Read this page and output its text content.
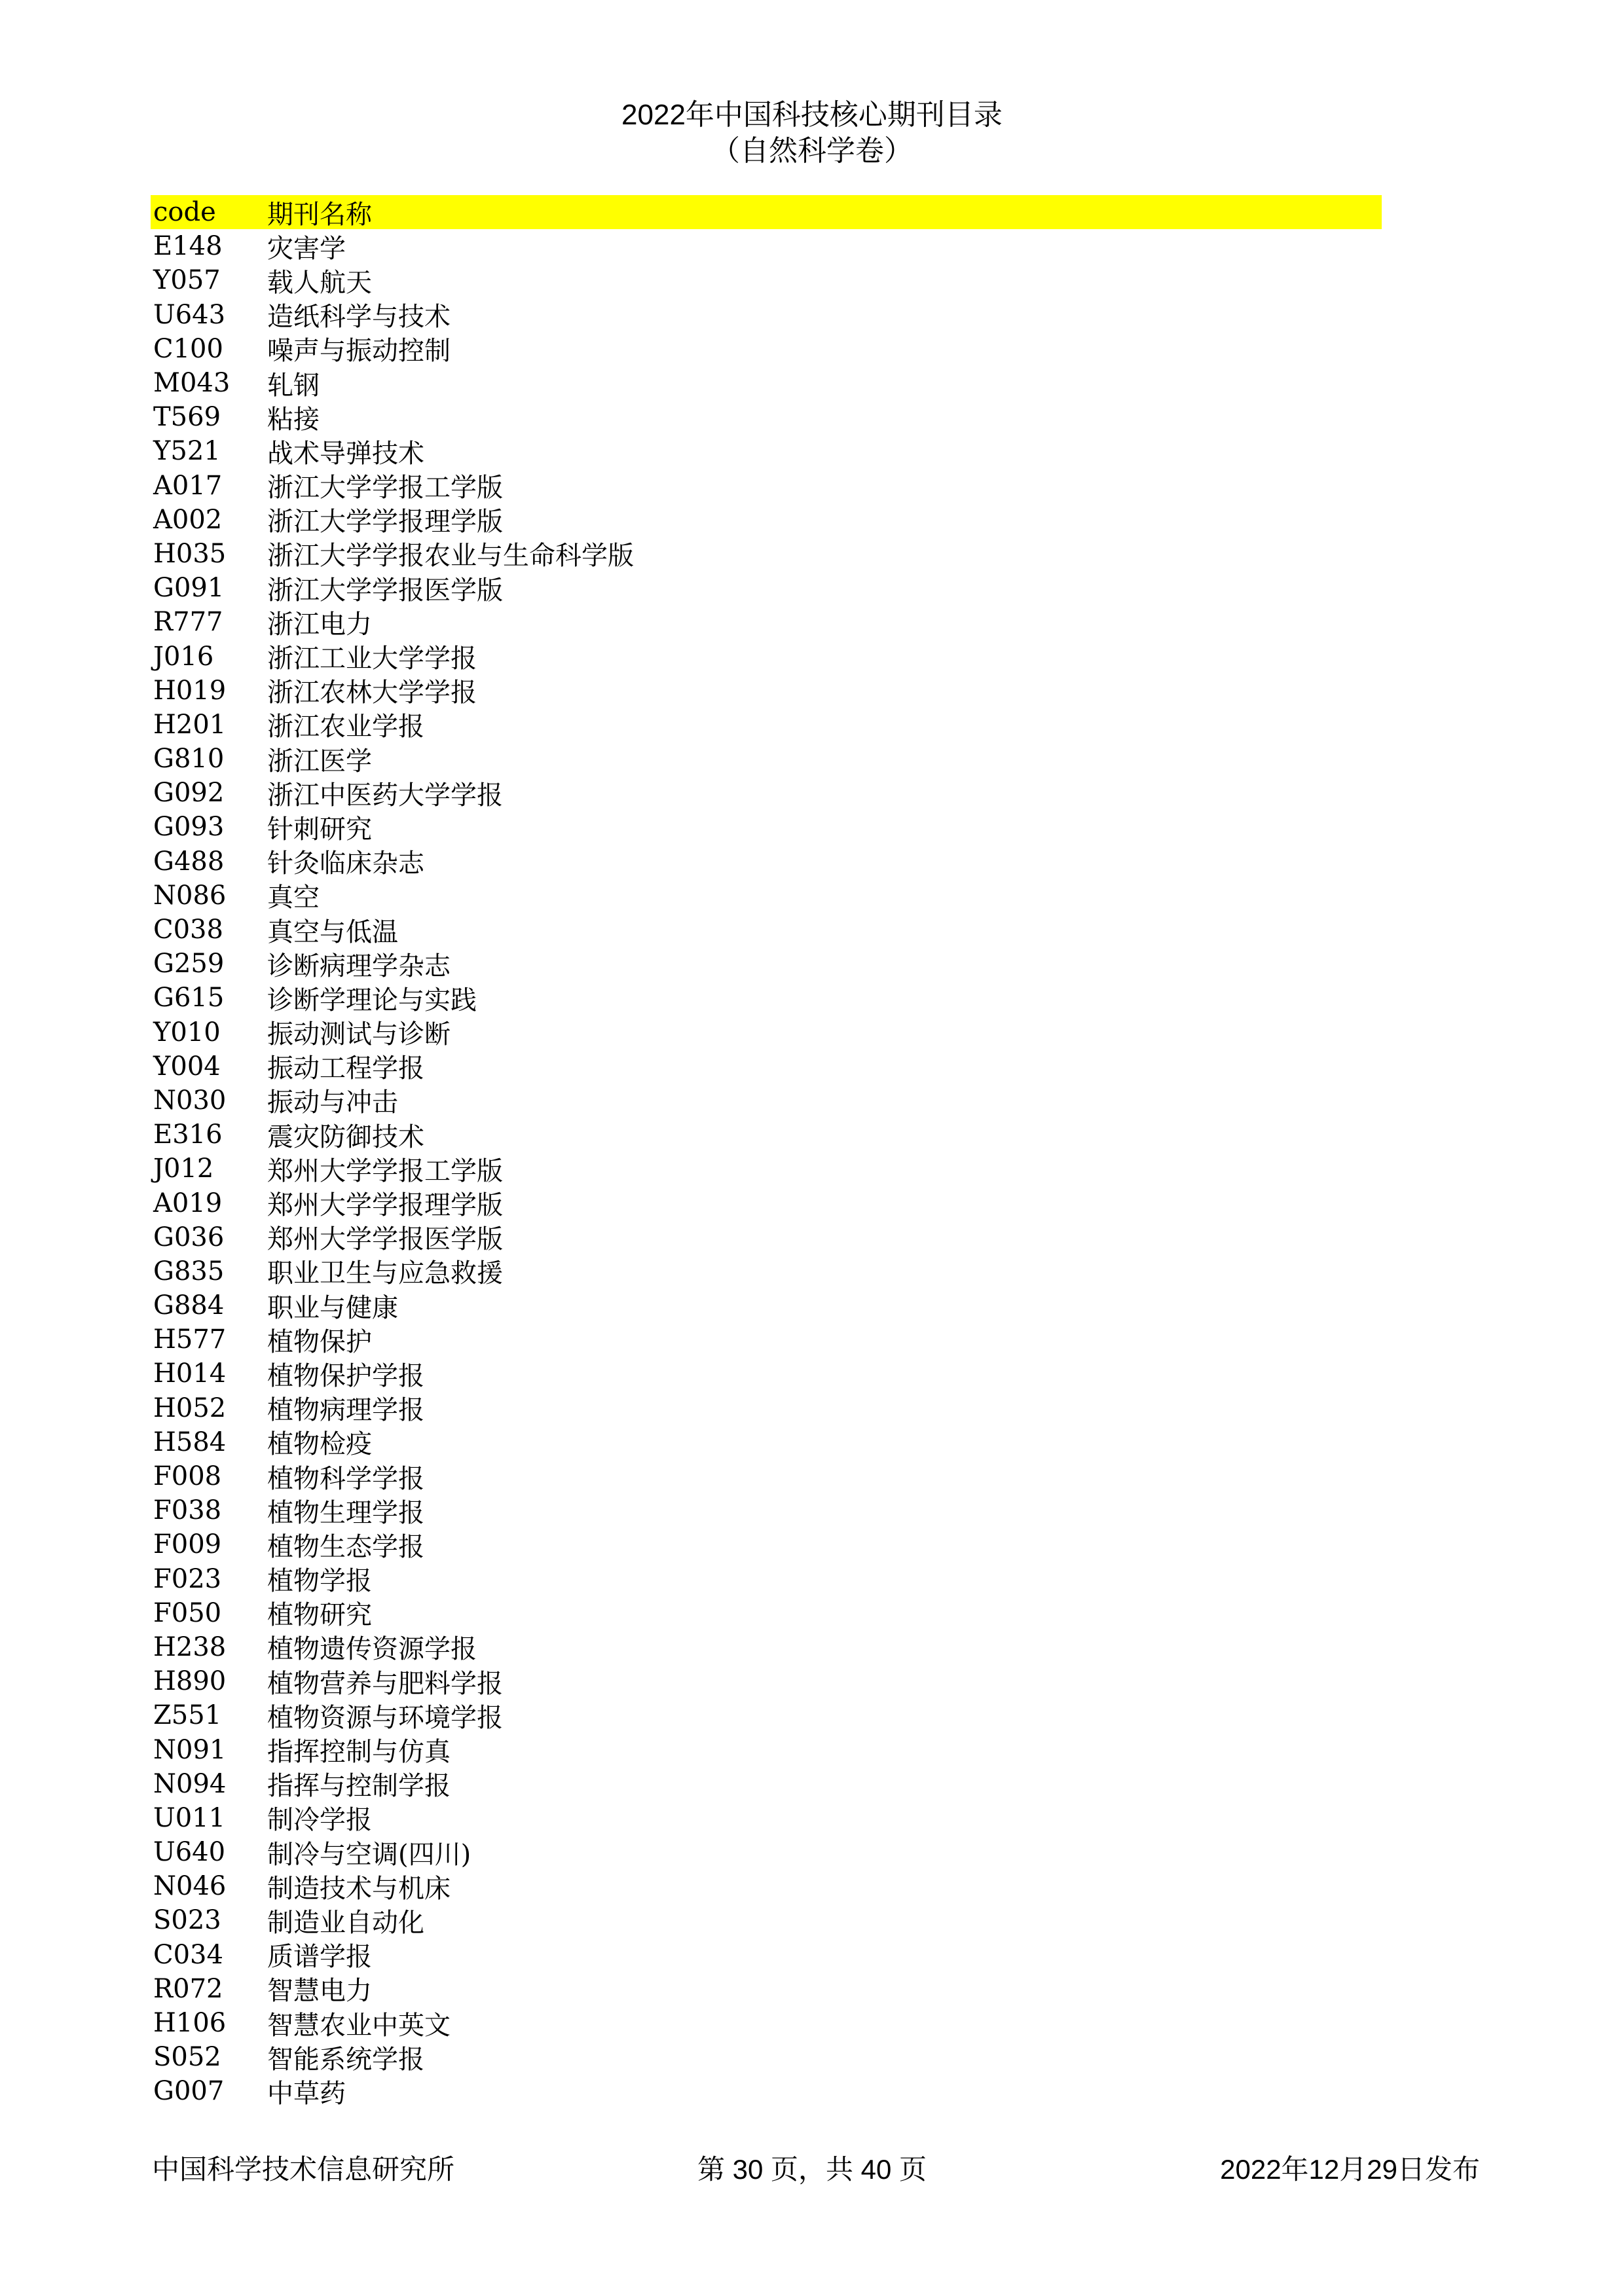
2022年中国科技核心期刊目录
（自然科学卷）
code	期刊名称
E148	灾害学
Y057	载人航天
U643	造纸科学与技术
C100	噪声与振动控制
M043	轧钢
T569	粘接
Y521	战术导弹技术
A017	浙江大学学报工学版
A002	浙江大学学报理学版
H035	浙江大学学报农业与生命科学版
G091	浙江大学学报医学版
R777	浙江电力
J016	浙江工业大学学报
H019	浙江农林大学学报
H201	浙江农业学报
G810	浙江医学
G092	浙江中医药大学学报
G093	针刺研究
G488	针灸临床杂志
N086	真空
C038	真空与低温
G259	诊断病理学杂志
G615	诊断学理论与实践
Y010	振动测试与诊断
Y004	振动工程学报
N030	振动与冲击
E316	震灾防御技术
J012	郑州大学学报工学版
A019	郑州大学学报理学版
G036	郑州大学学报医学版
G835	职业卫生与应急救援
G884	职业与健康
H577	植物保护
H014	植物保护学报
H052	植物病理学报
H584	植物检疫
F008	植物科学学报
F038	植物生理学报
F009	植物生态学报
F023	植物学报
F050	植物研究
H238	植物遗传资源学报
H890	植物营养与肥料学报
Z551	植物资源与环境学报
N091	指挥控制与仿真
N094	指挥与控制学报
U011	制冷学报
U640	制冷与空调(四川)
N046	制造技术与机床
S023	制造业自动化
C034	质谱学报
R072	智慧电力
H106	智慧农业中英文
S052	智能系统学报
G007	中草药
中国科学技术信息研究所	第 30 页，共 40 页	2022年12月29日发布
